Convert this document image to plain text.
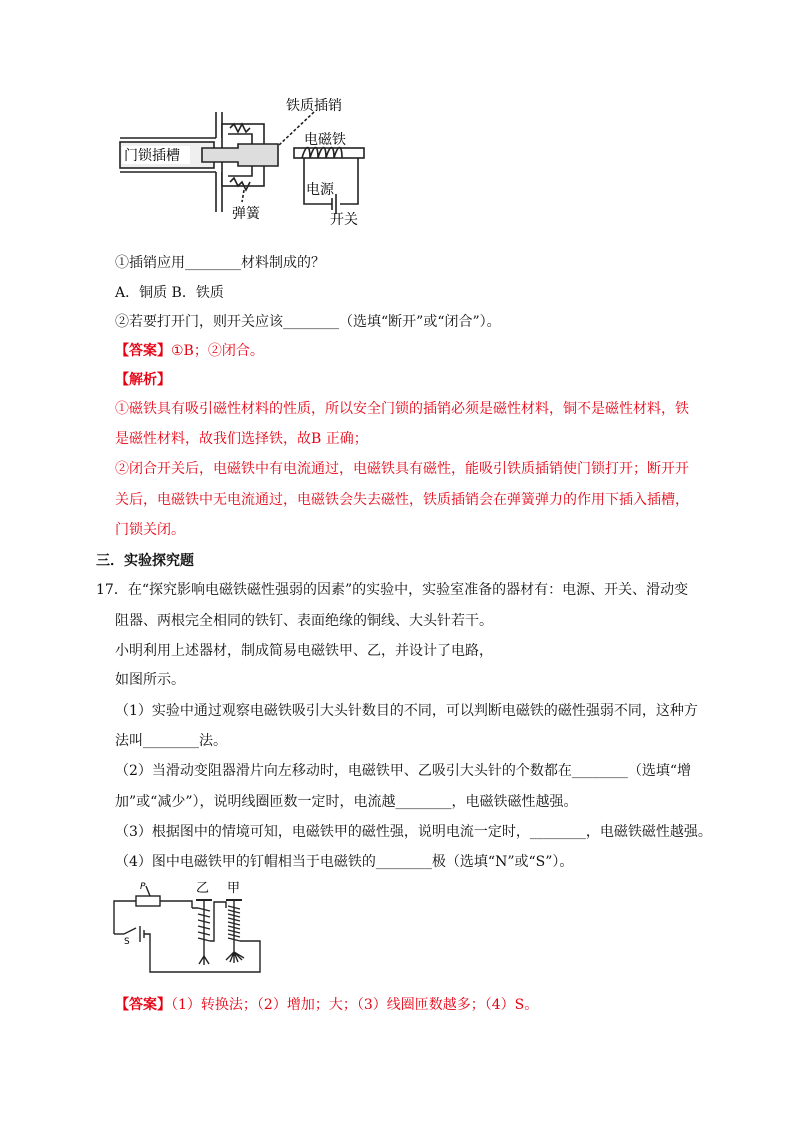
门锁插槽
铁质插销
电磁铁
电源
开关
弹簧
①插销应用________材料制成的？
A．铜质 B．铁质
②若要打开门，则开关应该________（选填“断开”或“闭合”）。
【答案】①B；②闭合。
【解析】
①磁铁具有吸引磁性材料的性质，所以安全门锁的插销必须是磁性材料，铜不是磁性材料，铁
是磁性材料，故我们选择铁，故B 正确；
②闭合开关后，电磁铁中有电流通过，电磁铁具有磁性，能吸引铁质插销使门锁打开；断开开
关后，电磁铁中无电流通过，电磁铁会失去磁性，铁质插销会在弹簧弹力的作用下插入插槽，
门锁关闭。
三．实验探究题
17．在“探究影响电磁铁磁性强弱的因素”的实验中，实验室准备的器材有：电源、开关、滑动变
阻器、两根完全相同的铁钉、表面绝缘的铜线、大头针若干。
小明利用上述器材，制成简易电磁铁甲、乙，并设计了电路，
如图所示。
（1）实验中通过观察电磁铁吸引大头针数目的不同，可以判断电磁铁的磁性强弱不同，这种方
法叫________法。
（2）当滑动变阻器滑片向左移动时，电磁铁甲、乙吸引大头针的个数都在________（选填“增
加”或“减少”），说明线圈匝数一定时，电流越________，电磁铁磁性越强。
（3）根据图中的情境可知，电磁铁甲的磁性强，说明电流一定时，________，电磁铁磁性越强。
（4）图中电磁铁甲的钉帽相当于电磁铁的________极（选填“N”或“S”）。
P
S
乙 甲
【答案】（1）转换法；（2）增加；大；（3）线圈匝数越多；（4）S。
